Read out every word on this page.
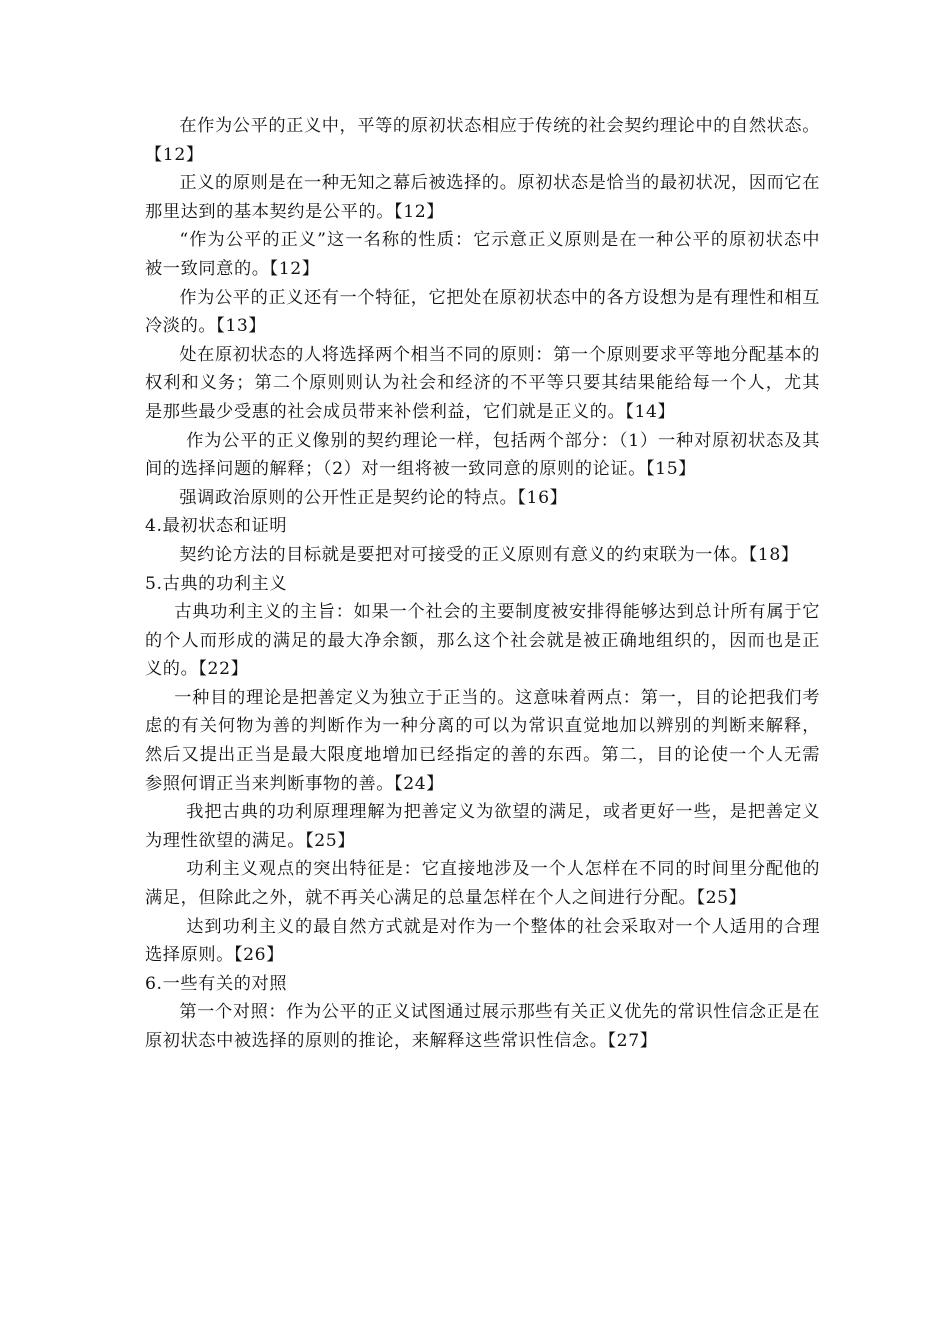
在作为公平的正义中，平等的原初状态相应于传统的社会契约理论中的自然状态。【12】

正义的原则是在一种无知之幕后被选择的。原初状态是恰当的最初状况，因而它在那里达到的基本契约是公平的。【12】

“作为公平的正义”这一名称的性质：它示意正义原则是在一种公平的原初状态中被一致同意的。【12】

作为公平的正义还有一个特征，它把处在原初状态中的各方设想为是有理性和相互冷淡的。【13】

处在原初状态的人将选择两个相当不同的原则：第一个原则要求平等地分配基本的权利和义务；第二个原则则认为社会和经济的不平等只要其结果能给每一个人，尤其是那些最少受惠的社会成员带来补偿利益，它们就是正义的。【14】

作为公平的正义像别的契约理论一样，包括两个部分：（1）一种对原初状态及其间的选择问题的解释；（2）对一组将被一致同意的原则的论证。【15】

强调政治原则的公开性正是契约论的特点。【16】

4.最初状态和证明

契约论方法的目标就是要把对可接受的正义原则有意义的约束联为一体。【18】

5.古典的功利主义

古典功利主义的主旨：如果一个社会的主要制度被安排得能够达到总计所有属于它的个人而形成的满足的最大净余额，那么这个社会就是被正确地组织的，因而也是正义的。【22】

一种目的理论是把善定义为独立于正当的。这意味着两点：第一，目的论把我们考虑的有关何物为善的判断作为一种分离的可以为常识直觉地加以辨别的判断来解释，然后又提出正当是最大限度地增加已经指定的善的东西。第二，目的论使一个人无需参照何谓正当来判断事物的善。【24】

我把古典的功利原理理解为把善定义为欲望的满足，或者更好一些，是把善定义为理性欲望的满足。【25】

功利主义观点的突出特征是：它直接地涉及一个人怎样在不同的时间里分配他的满足，但除此之外，就不再关心满足的总量怎样在个人之间进行分配。【25】

达到功利主义的最自然方式就是对作为一个整体的社会采取对一个人适用的合理选择原则。【26】

6.一些有关的对照

第一个对照：作为公平的正义试图通过展示那些有关正义优先的常识性信念正是在原初状态中被选择的原则的推论，来解释这些常识性信念。【27】
